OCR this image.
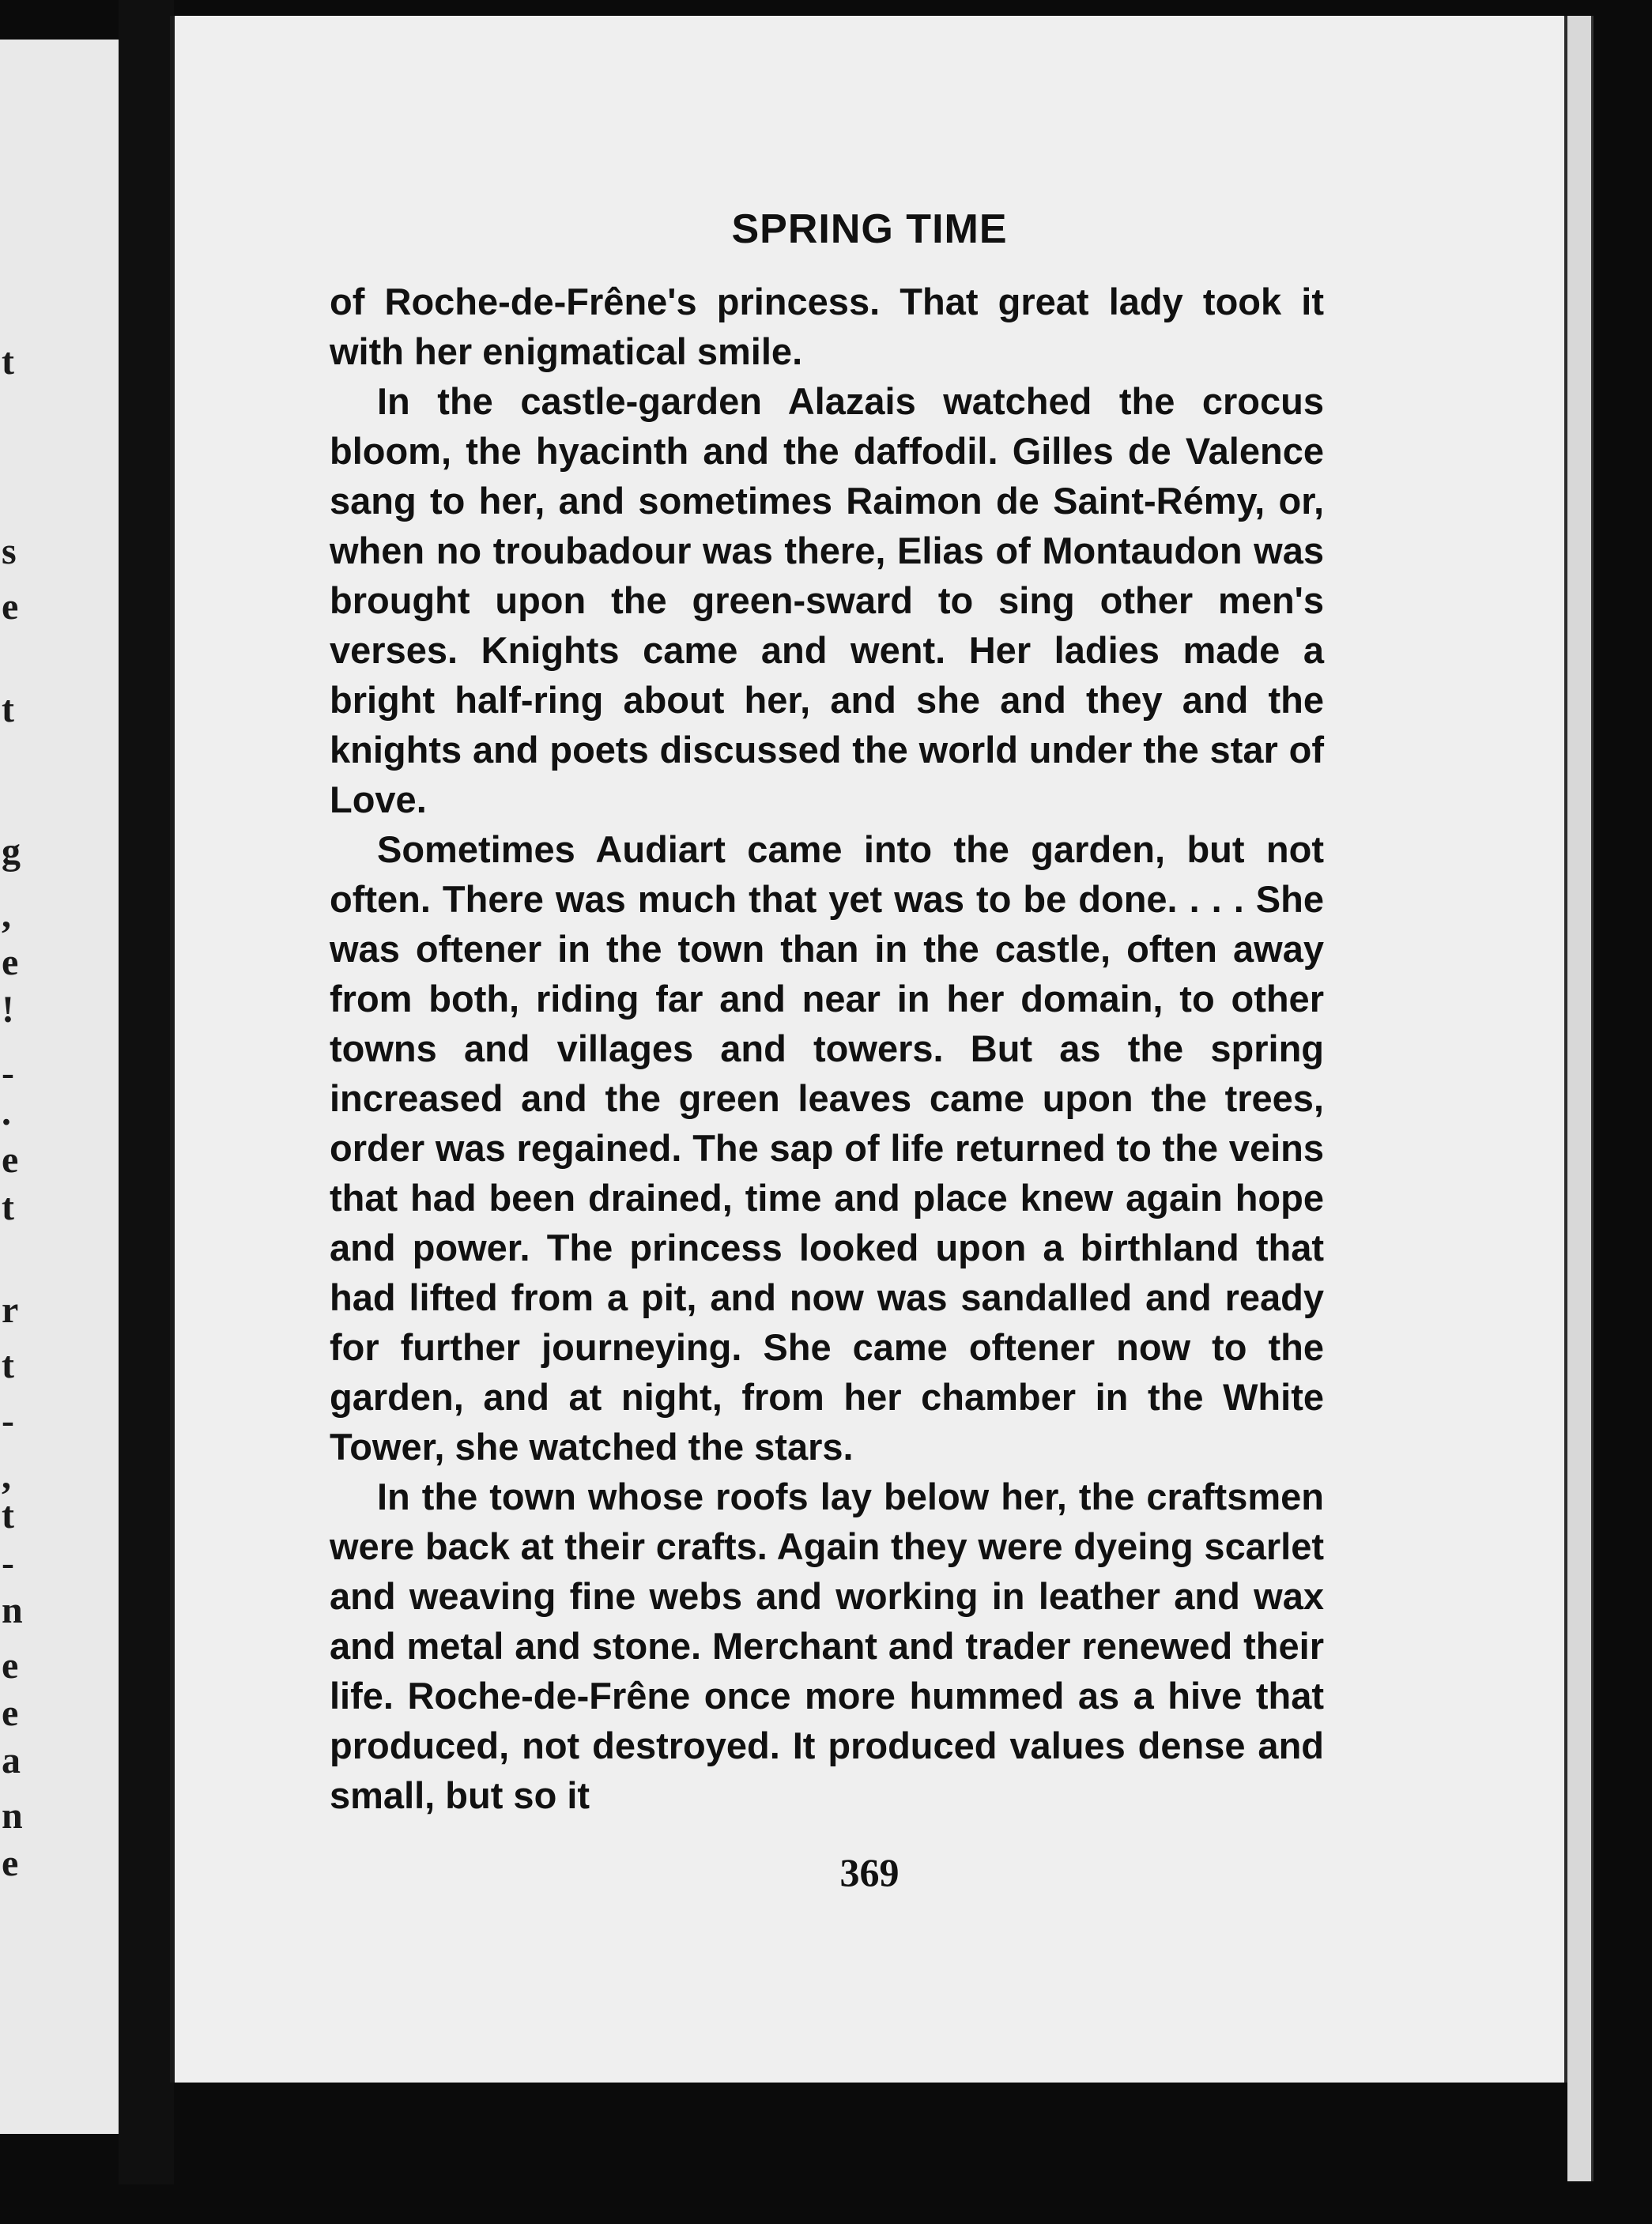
t
s
e
t
g
,
e
!
-
.
e
t
r
t
-
,
t
-
n
e
e
a
n
e
SPRING TIME

of Roche-de-Frêne's princess. That great lady took it with her enigmatical smile.

In the castle-garden Alazais watched the crocus bloom, the hyacinth and the daffodil. Gilles de Valence sang to her, and sometimes Raimon de Saint-Rémy, or, when no troubadour was there, Elias of Montaudon was brought upon the green-sward to sing other men's verses. Knights came and went. Her ladies made a bright half-ring about her, and she and they and the knights and poets discussed the world under the star of Love.

Sometimes Audiart came into the garden, but not often. There was much that yet was to be done. . . . She was oftener in the town than in the castle, often away from both, riding far and near in her domain, to other towns and villages and towers. But as the spring increased and the green leaves came upon the trees, order was regained. The sap of life returned to the veins that had been drained, time and place knew again hope and power. The princess looked upon a birthland that had lifted from a pit, and now was sandalled and ready for further journeying. She came oftener now to the garden, and at night, from her chamber in the White Tower, she watched the stars.

In the town whose roofs lay below her, the craftsmen were back at their crafts. Again they were dyeing scarlet and weaving fine webs and working in leather and wax and metal and stone. Merchant and trader renewed their life. Roche-de-Frêne once more hummed as a hive that produced, not destroyed. It produced values dense and small, but so it

369
